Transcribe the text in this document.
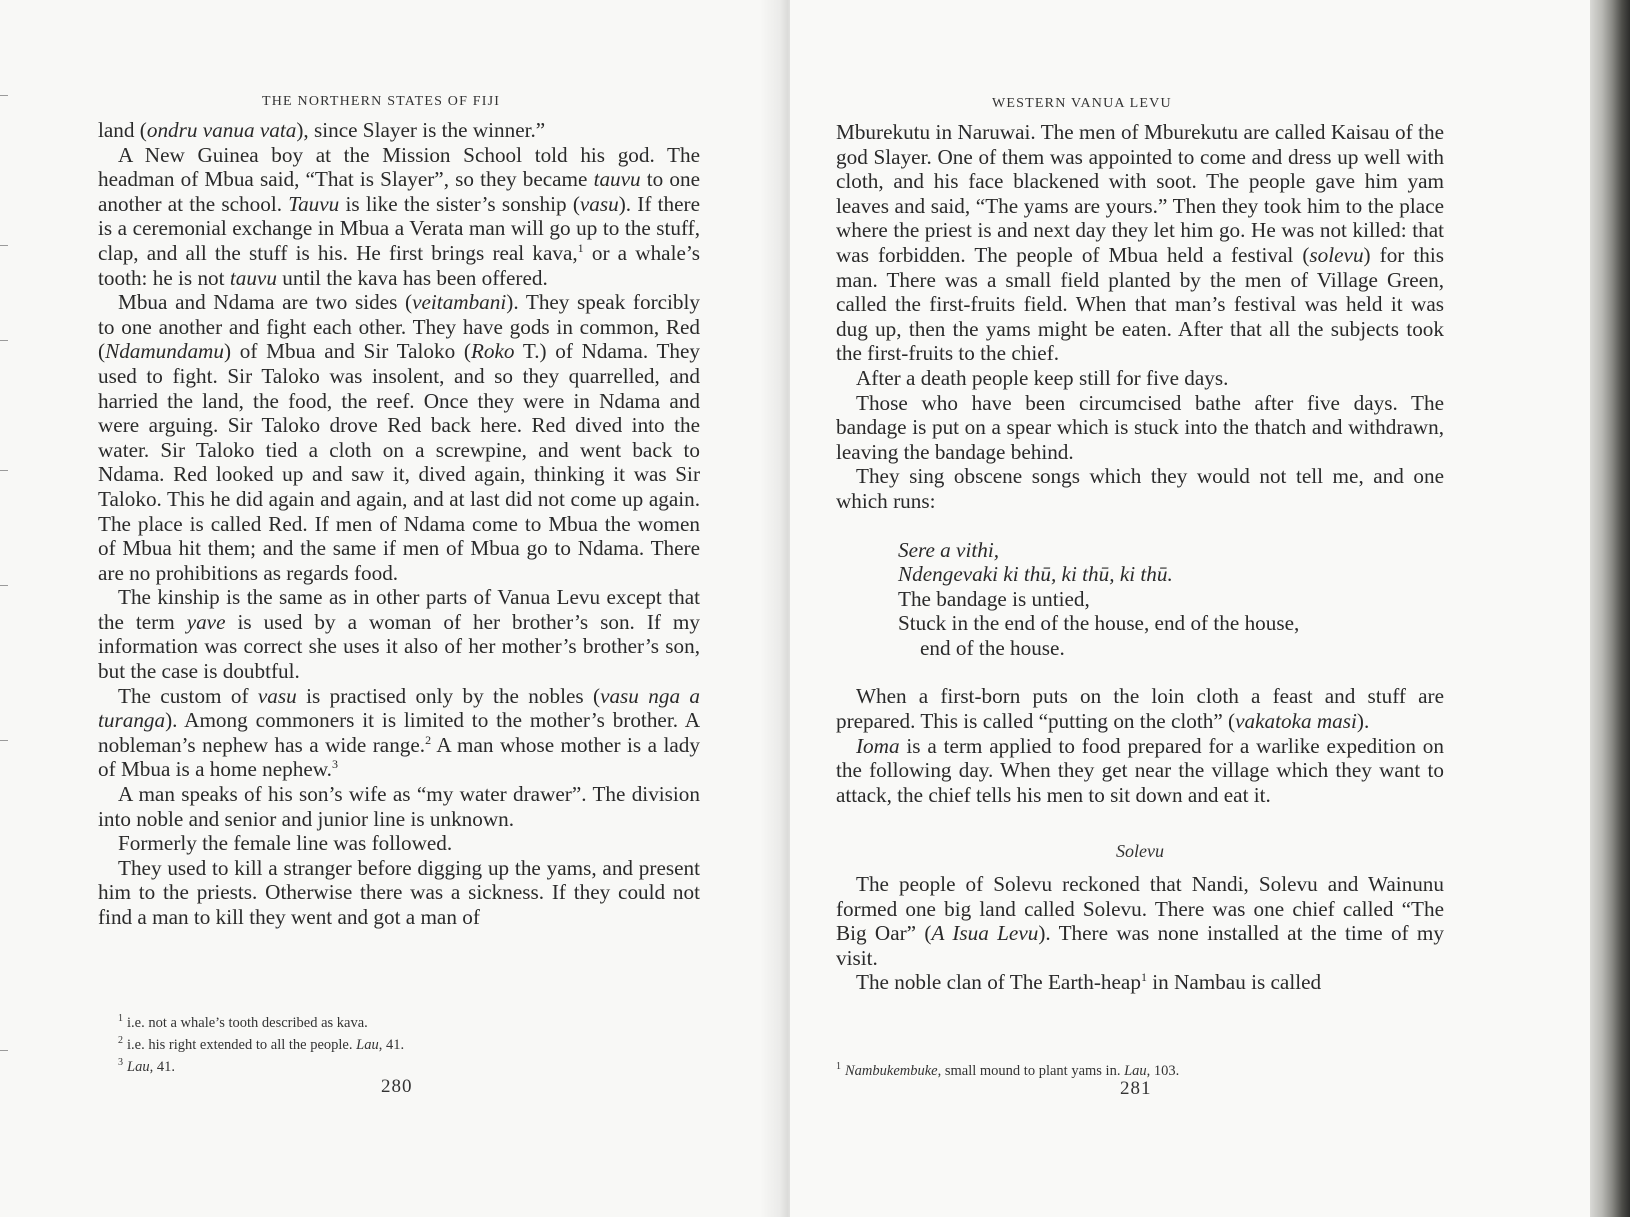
THE NORTHERN STATES OF FIJI

land (ondru vanua vata), since Slayer is the winner.”

A New Guinea boy at the Mission School told his god. The headman of Mbua said, “That is Slayer”, so they became tauvu to one another at the school. Tauvu is like the sister’s sonship (vasu). If there is a ceremonial exchange in Mbua a Verata man will go up to the stuff, clap, and all the stuff is his. He first brings real kava,$^1$ or a whale’s tooth: he is not tauvu until the kava has been offered.

Mbua and Ndama are two sides (veitambani). They speak forcibly to one another and fight each other. They have gods in common, Red (Ndamundamu) of Mbua and Sir Taloko (Roko T.) of Ndama. They used to fight. Sir Taloko was insolent, and so they quarrelled, and harried the land, the food, the reef. Once they were in Ndama and were arguing. Sir Taloko drove Red back here. Red dived into the water. Sir Taloko tied a cloth on a screwpine, and went back to Ndama. Red looked up and saw it, dived again, thinking it was Sir Taloko. This he did again and again, and at last did not come up again. The place is called Red. If men of Ndama come to Mbua the women of Mbua hit them; and the same if men of Mbua go to Ndama. There are no prohibitions as regards food.

The kinship is the same as in other parts of Vanua Levu except that the term yave is used by a woman of her brother’s son. If my information was correct she uses it also of her mother’s brother’s son, but the case is doubtful.

The custom of vasu is practised only by the nobles (vasu nga a turanga). Among commoners it is limited to the mother’s brother. A nobleman’s nephew has a wide range.$^2$ A man whose mother is a lady of Mbua is a home nephew.$^3$

A man speaks of his son’s wife as “my water drawer”. The division into noble and senior and junior line is unknown.

Formerly the female line was followed.

They used to kill a stranger before digging up the yams, and present him to the priests. Otherwise there was a sickness. If they could not find a man to kill they went and got a man of

$^1$ i.e. not a whale’s tooth described as kava.
$^2$ i.e. his right extended to all the people. Lau, 41.
$^3$ Lau, 41.
280
WESTERN VANUA LEVU

Mburekutu in Naruwai. The men of Mburekutu are called Kaisau of the god Slayer. One of them was appointed to come and dress up well with cloth, and his face blackened with soot. The people gave him yam leaves and said, “The yams are yours.” Then they took him to the place where the priest is and next day they let him go. He was not killed: that was forbidden. The people of Mbua held a festival (solevu) for this man. There was a small field planted by the men of Village Green, called the first-fruits field. When that man’s festival was held it was dug up, then the yams might be eaten. After that all the subjects took the first-fruits to the chief.

After a death people keep still for five days.

Those who have been circumcised bathe after five days. The bandage is put on a spear which is stuck into the thatch and withdrawn, leaving the bandage behind.

They sing obscene songs which they would not tell me, and one which runs:

Sere a vithi,
Ndengevaki ki thū, ki thū, ki thū.
The bandage is untied,
Stuck in the end of the house, end of the house,
end of the house.

When a first-born puts on the loin cloth a feast and stuff are prepared. This is called “putting on the cloth” (vakatoka masi).

Ioma is a term applied to food prepared for a warlike expedition on the following day. When they get near the village which they want to attack, the chief tells his men to sit down and eat it.

Solevu

The people of Solevu reckoned that Nandi, Solevu and Wainunu formed one big land called Solevu. There was one chief called “The Big Oar” (A Isua Levu). There was none installed at the time of my visit.

The noble clan of The Earth-heap$^1$ in Nambau is called

$^1$ Nambukembuke, small mound to plant yams in. Lau, 103.
281
